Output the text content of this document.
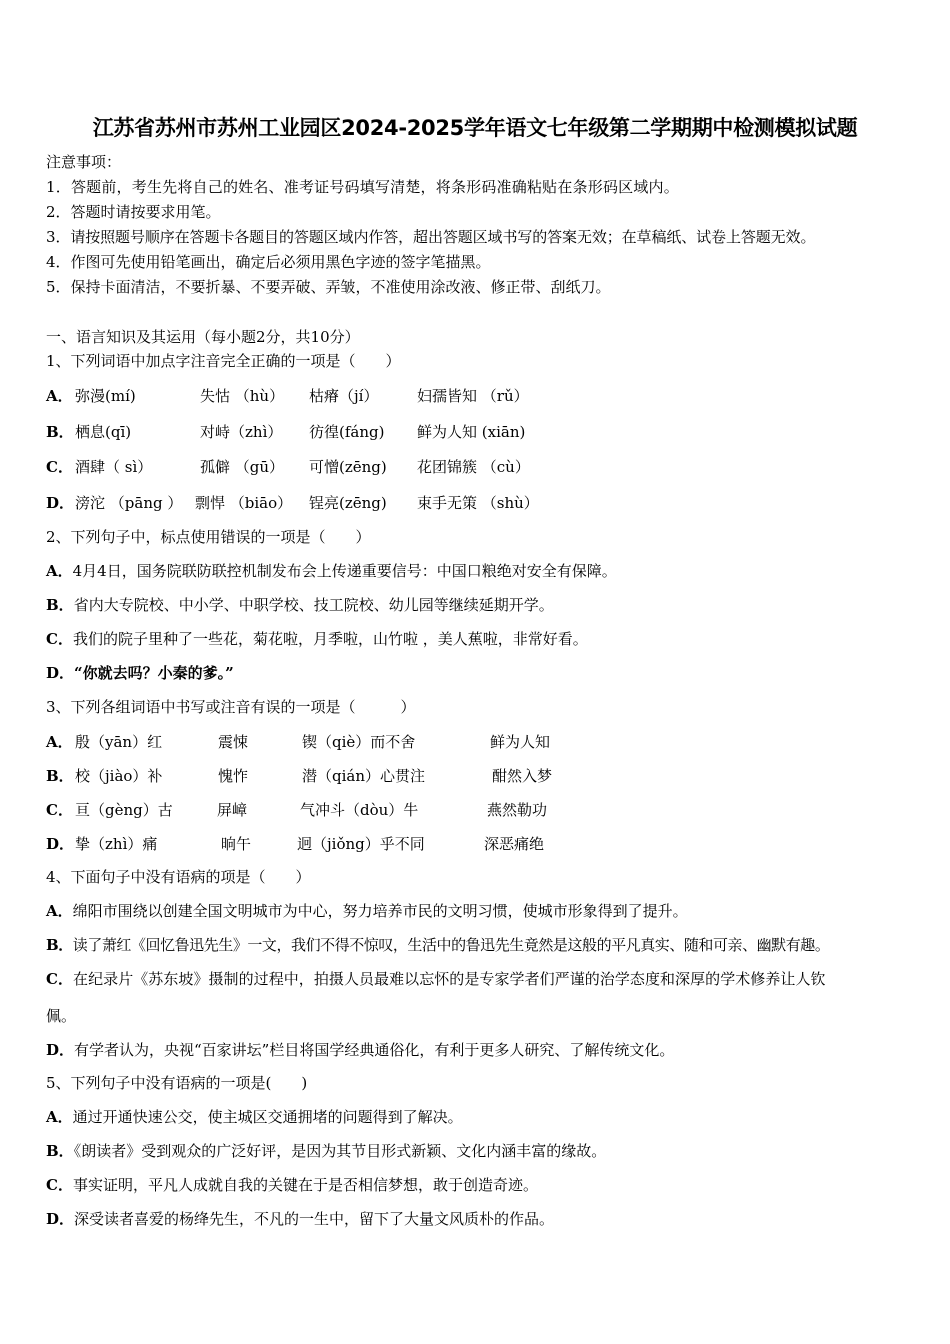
江苏省苏州市苏州工业园区2024-2025学年语文七年级第二学期期中检测模拟试题
注意事项：
1．答题前，考生先将自己的姓名、准考证号码填写清楚，将条形码准确粘贴在条形码区域内。
2．答题时请按要求用笔。
3．请按照题号顺序在答题卡各题目的答题区域内作答，超出答题区域书写的答案无效；在草稿纸、试卷上答题无效。
4．作图可先使用铅笔画出，确定后必须用黑色字迹的签字笔描黑。
5．保持卡面清洁，不要折暴、不要弄破、弄皱，不准使用涂改液、修正带、刮纸刀。
一、语言知识及其运用（每小题2分，共10分）
1、下列词语中加点字注音完全正确的一项是（　　）
A． 弥漫(mí)	失怙 （hù） 枯瘠（jí）	妇孺皆知 （rǔ）
B． 栖息(qī)	对峙（zhì） 彷徨(fáng) 鲜为人知 (xiān)
C． 酒肆（ sì）	孤僻 （gū） 可憎(zēng) 花团锦簇 （cù）
D． 滂沱 （pāng ） 剽悍 （biāo） 锃亮(zēng) 束手无策 （shù）
2、下列句子中，标点使用错误的一项是（　　）
A．4月4日，国务院联防联控机制发布会上传递重要信号：中国口粮绝对安全有保障。
B．省内大专院校、中小学、中职学校、技工院校、幼儿园等继续延期开学。
C．我们的院子里种了一些花，菊花啦，月季啦，山竹啦 ，美人蕉啦，非常好看。
D．“你就去吗？小秦的爹。”
3、下列各组词语中书写或注音有误的一项是（　　　）
A． 殷（yān）红	震悚	锲（qiè）而不舍	鲜为人知
B． 校（jiào）补	愧怍	潜（qián）心贯注	酣然入梦
C． 亘（gèng）古	屏嶂	气冲斗（dòu）牛	燕然勒功
D． 挚（zhì）痛	晌午	迥（jiǒng）乎不同	深恶痛绝
4、下面句子中没有语病的项是（　　）
A．绵阳市围绕以创建全国文明城市为中心，努力培养市民的文明习惯，使城市形象得到了提升。
B．读了萧红《回忆鲁迅先生》一文，我们不得不惊叹，生活中的鲁迅先生竟然是这般的平凡真实、随和可亲、幽默有趣。
C．在纪录片《苏东坡》摄制的过程中，拍摄人员最难以忘怀的是专家学者们严谨的治学态度和深厚的学术修养让人钦
佩。
D．有学者认为，央视“百家讲坛”栏目将国学经典通俗化，有利于更多人研究、了解传统文化。
5、下列句子中没有语病的一项是(　　)
A．通过开通快速公交，使主城区交通拥堵的问题得到了解决。
B．《朗读者》受到观众的广泛好评，是因为其节目形式新颖、文化内涵丰富的缘故。
C．事实证明，平凡人成就自我的关键在于是否相信梦想，敢于创造奇迹。
D．深受读者喜爱的杨绛先生，不凡的一生中，留下了大量文风质朴的作品。
